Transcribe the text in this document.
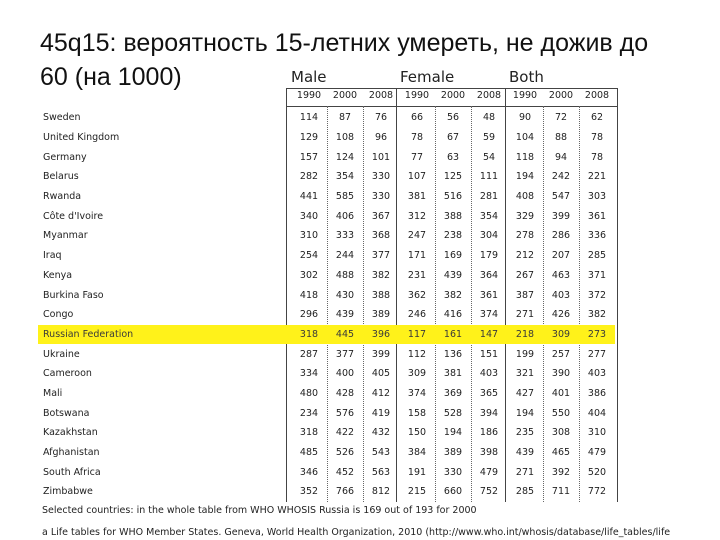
45q15: вероятность 15-летних умереть, не дожив до
60 (на 1000)	Male	Female	Both
1990	2000	2008	1990	2000	2008	1990	2000	2008
Sweden	114	87	76	66	56	48	90	72	62
United Kingdom	129	108	96	78	67	59	104	88	78
Germany	157	124	101	77	63	54	118	94	78
Belarus	282	354	330	107	125	111	194	242	221
Rwanda	441	585	330	381	516	281	408	547	303
Côte d'Ivoire	340	406	367	312	388	354	329	399	361
Myanmar	310	333	368	247	238	304	278	286	336
Iraq	254	244	377	171	169	179	212	207	285
Kenya	302	488	382	231	439	364	267	463	371
Burkina Faso	418	430	388	362	382	361	387	403	372
Congo	296	439	389	246	416	374	271	426	382
Russian Federation	318	445	396	117	161	147	218	309	273
Ukraine	287	377	399	112	136	151	199	257	277
Cameroon	334	400	405	309	381	403	321	390	403
Mali	480	428	412	374	369	365	427	401	386
Botswana	234	576	419	158	528	394	194	550	404
Kazakhstan	318	422	432	150	194	186	235	308	310
Afghanistan	485	526	543	384	389	398	439	465	479
South Africa	346	452	563	191	330	479	271	392	520
Zimbabwe	352	766	812	215	660	752	285	711	772
Selected countries: in the whole table from WHO WHOSIS Russia is 169 out of 193 for 2000
a Life tables for WHO Member States. Geneva, World Health Organization, 2010 (http://www.who.int/whosis/database/life_tables/life
